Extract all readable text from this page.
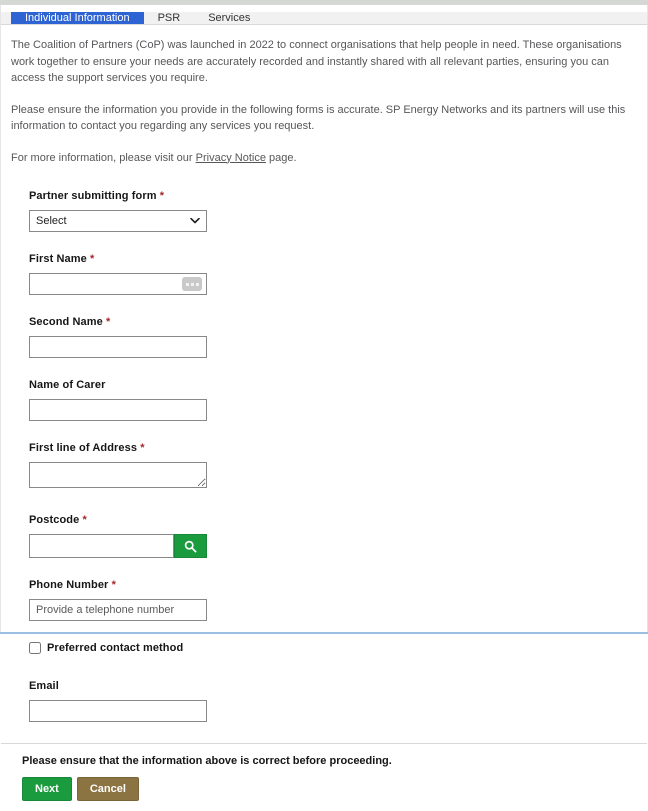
Individual Information	PSR	Services

The Coalition of Partners (CoP) was launched in 2022 to connect organisations that help people in need. These organisations work together to ensure your needs are accurately recorded and instantly shared with all relevant parties, ensuring you can access the support services you require.

Please ensure the information you provide in the following forms is accurate. SP Energy Networks and its partners will use this information to contact you regarding any services you request.

For more information, please visit our Privacy Notice page.

Partner submitting form *
Select
First Name *
Second Name *
Name of Carer
First line of Address *
Postcode *
Phone Number *
Provide a telephone number
Preferred contact method
Email
Please ensure that the information above is correct before proceeding.
Next	Cancel
